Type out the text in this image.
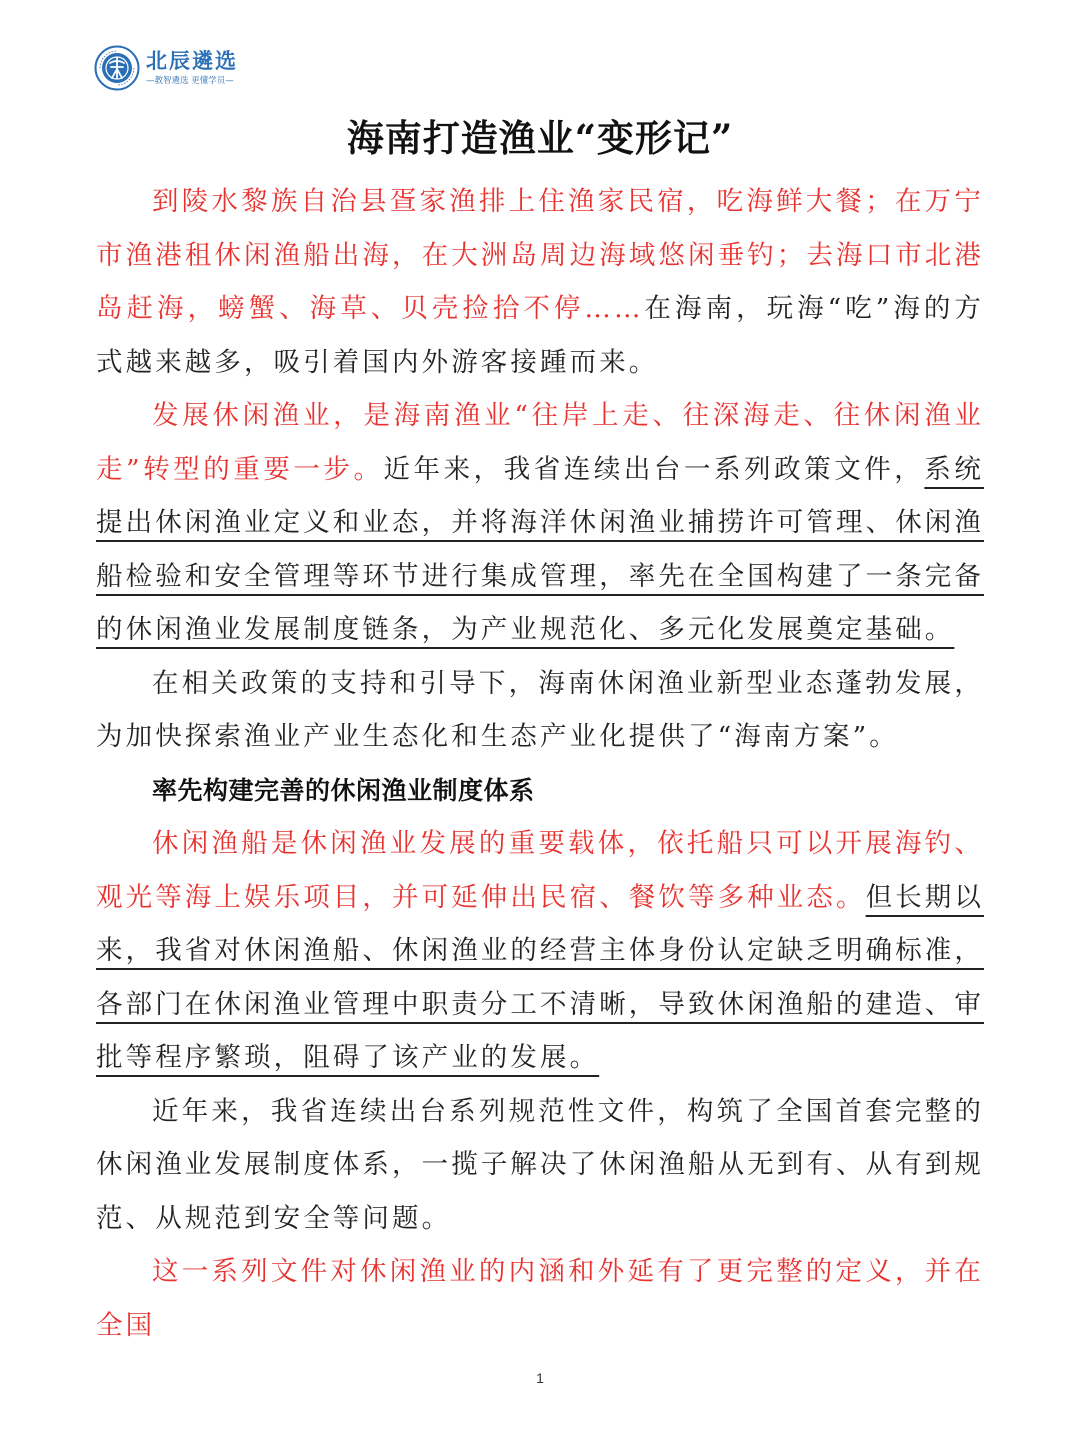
北辰遴选
—教智遴选 更懂学员—
海南打造渔业“变形记”

到陵水黎族自治县疍家渔排上住渔家民宿，吃海鲜大餐；在万宁市渔港租休闲渔船出海，在大洲岛周边海域悠闲垂钓；去海口市北港岛赶海，螃蟹、海草、贝壳捡拾不停……在海南，玩海“吃”海的方式越来越多，吸引着国内外游客接踵而来。

发展休闲渔业，是海南渔业“往岸上走、往深海走、往休闲渔业走”转型的重要一步。近年来，我省连续出台一系列政策文件，系统提出休闲渔业定义和业态，并将海洋休闲渔业捕捞许可管理、休闲渔船检验和安全管理等环节进行集成管理，率先在全国构建了一条完备的休闲渔业发展制度链条，为产业规范化、多元化发展奠定基础。

在相关政策的支持和引导下，海南休闲渔业新型业态蓬勃发展，为加快探索渔业产业生态化和生态产业化提供了“海南方案”。

率先构建完善的休闲渔业制度体系

休闲渔船是休闲渔业发展的重要载体，依托船只可以开展海钓、观光等海上娱乐项目，并可延伸出民宿、餐饮等多种业态。但长期以来，我省对休闲渔船、休闲渔业的经营主体身份认定缺乏明确标准，各部门在休闲渔业管理中职责分工不清晰，导致休闲渔船的建造、审批等程序繁琐，阻碍了该产业的发展。

近年来，我省连续出台系列规范性文件，构筑了全国首套完整的休闲渔业发展制度体系，一揽子解决了休闲渔船从无到有、从有到规范、从规范到安全等问题。

这一系列文件对休闲渔业的内涵和外延有了更完整的定义，并在全国

1
